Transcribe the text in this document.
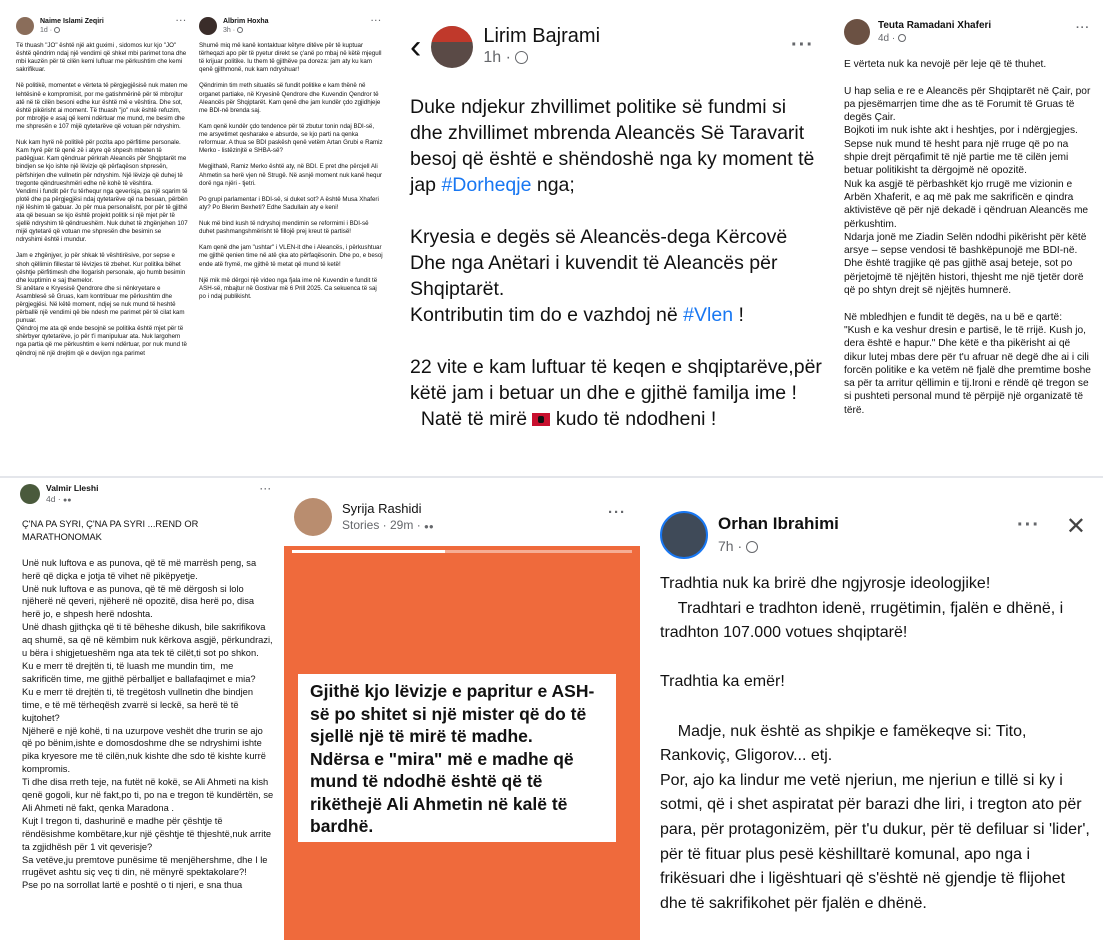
Naime Islami Zeqiri
1d ·
···
Të thuash "JO" është një akt guximi , sidomos kur kjo "JO" është qëndrim ndaj një vendimi që shkel mbi parimet tona dhe mbi kauzën për të cilën kemi luftuar me përkushtim che kemi sakrifikuar.

Në politikë, momentet e vërteta të përgjegjësisë nuk maten me lehtësinë e kompromisit, por me gatishmërinë për të mbrojtur atë në të cilën besoni edhe kur është më e vështira. Dhe sot, është pikërisht ai moment. Të thuash "jo" nuk është refuzim, por mbrojtje e asaj që kemi ndërtuar me mund, me besim dhe me shpresën e 107 mijë qytetarëve që votuan për ndryshim.

Nuk kam hyrë në politikë për pozita apo përfitime personale. Kam hyrë për të qenë zë i atyre që shpesh mbeten të padëgjuar. Kam qëndruar përkrah Aleancës për Shqiptarët me bindjen se kjo ishte një lëvizje që përfaqëson shpresën, përfshirjen dhe vullnetin për ndryshim. Një lëvizje që duhej të tregonte qëndrueshmëri edhe në kohë të vështira.
Vendimi i fundit për t'u tërhequr nga qeverisja, pa një sqarim të plotë dhe pa përgjegjësi ndaj qytetarëve që na besuan, përbën një lëshim të gabuar. Jo për mua personalisht, por për të gjithë ata që besuan se kjo është projekt politik si një mjet për të sjellë ndryshim të qëndrueshëm. Nuk duhet të zhgënjehen 107 mijë qytetarë që votuan me shpresën dhe besimin se ndryshimi është i mundur.

Jam e zhgënjyer, jo për shkak të vështirësive, por sepse e shoh qëllimin fillestar të lëvizjes të zbehet. Kur politika bëhet çështje përfitimesh dhe llogarish personale, ajo humb besimin dhe kuptimin e saj themelor.
Si anëtare e Kryesisë Qendrore dhe si nënkryetare e Asamblesë së Gruas, kam kontribuar me përkushtim dhe përgjegjësi. Në këtë moment, ndjej se nuk mund të heshtë përballë një vendimi që bie ndesh me parimet për të cilat kam punuar.
Qëndroj me ata që ende besojnë se politika është mjet për të shërbyer qytetarëve, jo për t'i manipuluar ata. Nuk largohem nga partia që me përkushtim e kemi ndërtuar, por nuk mund të qëndroj në një drejtim që e devijon nga parimet
Albrim Hoxha
3h ·
···
Shumë miq më kanë kontaktuar këtyre ditëve për të kuptuar tërheqazi apo për të pyetur direkt se ç'anë po mbaj në këtë mjegull të krijuar politike. Iu them të gjithëve pa doreza: jam aty ku kam qenë gjithmonë, nuk kam ndryshuar!

Qëndrimin tim rreth situatës së fundit politike e kam thënë në organet partiake, në Kryesinë Qendrore dhe Kuvendin Qendror të Aleancës për Shqiptarët. Kam qenë dhe jam kundër çdo zgjidhjeje me BDI-në brenda saj.

Kam qenë kundër çdo tendence për të zbutur tonin ndaj BDI-së, me arsyetimet qesharake e absurde, se kjo parti na qenka reformuar. A thua se BDI paskësh qenë vetëm Artan Grubi e Ramiz Merko - listëzinjtë e SHBA-së?

Megjithatë, Ramiz Merko është aty, në BDI. E pret dhe përcjell Ali Ahmetin sa herë vjen në Strugë. Në asnjë moment nuk kanë hequr dorë nga njëri - tjetri.

Po grupi parlamentar i BDI-së, si duket sot? A është Musa Xhaferi aty? Po Blerim Bexheti? Edhe Sadullain aty e keni!

Nuk më bind kush të ndryshoj mendimin se reformimi i BDI-së duhet pashmangshmërisht të fillojë prej kreut të partisë!

Kam qenë dhe jam "ushtar" i VLEN-it dhe i Aleancës, i përkushtuar me gjithë qenien time në atë çka ato përfaqësonin. Dhe po, e besoj ende atë frymë, me gjithë të metat që mund të ketë!

Një mik më dërgoi një video nga fjala ime në Kuvendin e fundit të ASH-së, mbajtur në Gostivar më 6 Prill 2025. Ca sekuenca të saj po i ndaj publikisht.
‹	Lirim Bajrami
1h ·
···
Duke ndjekur zhvillimet politike së fundmi si dhe zhvillimet mbrenda Aleancës Së Taravarit besoj që është e shëndoshë nga ky moment të jap #Dorheqje nga;
Kryesia e degës së Aleancës-dega Kërcovë
Dhe nga Anëtari i kuvendit të Aleancës për Shqiptarët.
Kontributin tim do e vazhdoj në #Vlen !
22 vite e kam luftuar të keqen e shqiptarëve,për këtë jam i betuar un dhe e gjithë familja ime !
Natë të mirë
kudo të ndodheni !
Teuta Ramadani Xhaferi
4d ·
···
E vërteta nuk ka nevojë për leje që të thuhet.

U hap selia e re e Aleancës për Shqiptarët në Çair, por pa pjesëmarrjen time dhe as të Forumit të Gruas të degës Çair.
Bojkoti im nuk ishte akt i heshtjes, por i ndërgjegjes.
Sepse nuk mund të hesht para një rruge që po na shpie drejt përqafimit të një partie me të cilën jemi betuar politikisht ta dërgojmë në opozitë.
Nuk ka asgjë të përbashkët kjo rrugë me vizionin e Arbën Xhaferit, e aq më pak me sakrificën e qindra aktivistëve që për një dekadë i qëndruan Aleancës me përkushtim.
Ndarja jonë me Ziadin Selën ndodhi pikërisht për këtë arsye – sepse vendosi të bashkëpunojë me BDI-në. Dhe është tragjike që pas gjithë asaj beteje, sot po përjetojmë të njëjtën histori, thjesht me një tjetër dorë që po shtyn drejt së njëjtës humnerë.

Në mbledhjen e fundit të degës, na u bë e qartë:
"Kush e ka veshur dresin e partisë, le të rrijë. Kush jo, dera është e hapur." Dhe këtë e tha pikërisht ai që dikur lutej mbas dere për t'u afruar në degë dhe ai i cili forcën politike e ka vetëm në fjalë dhe premtime boshe sa për ta arritur qëllimin e tij.Ironi e rëndë që tregon se si pushteti personal mund të përpijë një organizatë të tërë.
Valmir Lleshi
4d · ●●
···
Ç'NA PA SYRI, Ç'NA PA SYRI ...REND OR MARATHONOMAK

Unë nuk luftova e as punova, që të më marrësh peng, sa herë që diçka e jotja të vihet në pikëpyetje.
Unë nuk luftova e as punova, që të më dërgosh si lolo njëherë në qeveri, njëherë në opozitë, disa herë po, disa herë jo, e shpesh herë ndoshta.
Unë dhash gjithçka që ti të bëheshe dikush, bile sakrifikova aq shumë, sa që në këmbim nuk kërkova asgjë, përkundrazi, u bëra i shigjetueshëm nga ata tek të cilët,ti sot po shkon.
Ku e merr të drejtën ti, të luash me mundin tim,  me sakrificën time, me gjithë përballjet e ballafaqimet e mia?
Ku e merr të drejtën ti, të tregëtosh vullnetin dhe bindjen time, e të më tërheqësh zvarrë si leckë, sa herë të të kujtohet?
Njëherë e një kohë, ti na uzurpove veshët dhe trurin se ajo që po bënim,ishte e domosdoshme dhe se ndryshimi ishte pika kryesore me të cilën,nuk kishte dhe sdo të kishte kurrë kompromis.
Ti dhe disa rreth teje, na futët në kokë, se Ali Ahmeti na kish qenë gogoli, kur në fakt,po ti, po na e tregon të kundërtën, se Ali Ahmeti në fakt, qenka Maradona .
Kujt I tregon ti, dashurinë e madhe për çështje të rëndësishme kombëtare,kur një çështje të thjeshtë,nuk arrite ta zgjidhësh për 1 vit qeverisje?
Sa vetëve,ju premtove punësime të menjëhershme, dhe I le rrugëvet ashtu siç veç ti din, në mënyrë spektakolare?!
Pse po na sorrollat lartë e poshtë o ti njeri, e sna thua
Syrija Rashidi
Stories · 29m · ●●
···
Gjithë kjo lëvizje e papritur e ASH-së po shitet si një mister që do të sjellë një të mirë të madhe.
Ndërsa e "mira" më e madhe që mund të ndodhë është që të rikëthejë Ali Ahmetin në kalë të bardhë.
Orhan Ibrahimi
7h ·
··· ✕
Tradhtia nuk ka brirë dhe ngjyrosje ideologjike!
Tradhtari e tradhton idenë, rrugëtimin, fjalën e dhënë, i tradhton 107.000 votues shqiptarë!

Tradhtia ka emër!

Madje, nuk është as shpikje e famëkeqve si: Tito, Rankoviç, Gligorov... etj.
Por, ajo ka lindur me vetë njeriun, me njeriun e tillë si ky i sotmi, që i shet aspiratat për barazi dhe liri, i tregton ato për para, për protagonizëm, për t'u dukur, për të defiluar si 'lider', për të fituar plus pesë këshilltarë komunal, apo nga i frikësuari dhe i ligështuari që s'është në gjendje të flijohet dhe të sakrifikohet për fjalën e dhënë.
